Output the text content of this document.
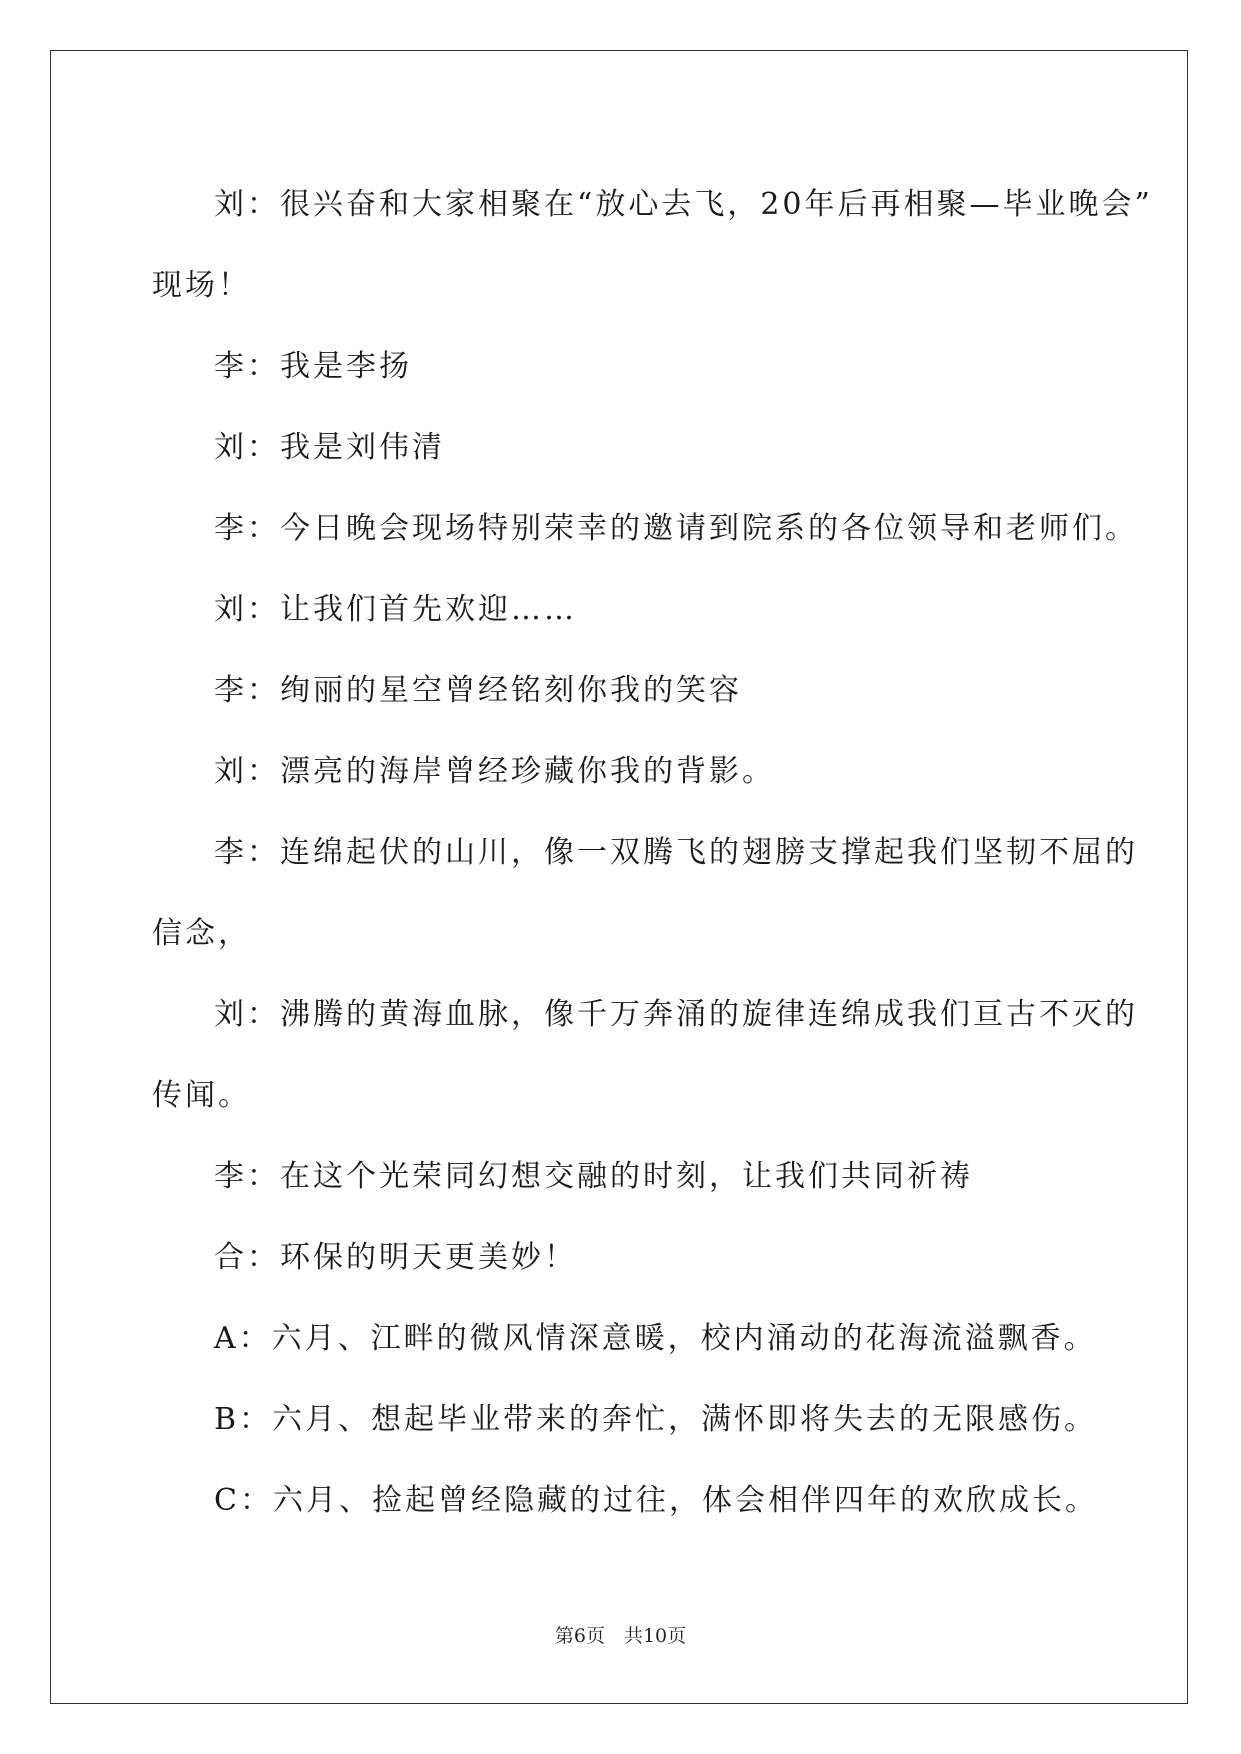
刘：很兴奋和大家相聚在“放心去飞，20年后再相聚—毕业晚会”
现场！
李：我是李扬
刘：我是刘伟清
李：今日晚会现场特别荣幸的邀请到院系的各位领导和老师们。
刘：让我们首先欢迎……
李：绚丽的星空曾经铭刻你我的笑容
刘：漂亮的海岸曾经珍藏你我的背影。
李：连绵起伏的山川，像一双腾飞的翅膀支撑起我们坚韧不屈的
信念，
刘：沸腾的黄海血脉，像千万奔涌的旋律连绵成我们亘古不灭的
传闻。
李：在这个光荣同幻想交融的时刻，让我们共同祈祷
合：环保的明天更美妙！
A：六月、江畔的微风情深意暖，校内涌动的花海流溢飘香。
B：六月、想起毕业带来的奔忙，满怀即将失去的无限感伤。
C：六月、捡起曾经隐藏的过往，体会相伴四年的欢欣成长。
第6页　共10页
